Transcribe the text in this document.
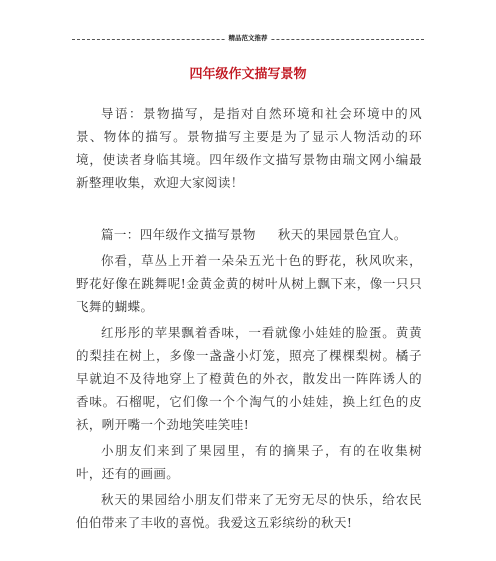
精品范文推荐
四年级作文描写景物

导语：景物描写，是指对自然环境和社会环境中的风景、物体的描写。景物描写主要是为了显示人物活动的环境，使读者身临其境。四年级作文描写景物由瑞文网小编最新整理收集，欢迎大家阅读！

篇一：四年级作文描写景物 秋天的果园景色宜人。

你看，草丛上开着一朵朵五光十色的野花，秋风吹来，野花好像在跳舞呢!金黄金黄的树叶从树上飘下来，像一只只飞舞的蝴蝶。

红彤彤的苹果飘着香味，一看就像小娃娃的脸蛋。黄黄的梨挂在树上，多像一盏盏小灯笼，照亮了棵棵梨树。橘子早就迫不及待地穿上了橙黄色的外衣，散发出一阵阵诱人的香味。石榴呢，它们像一个个淘气的小娃娃，换上红色的皮袄，咧开嘴一个劲地笑哇笑哇!

小朋友们来到了果园里，有的摘果子，有的在收集树叶，还有的画画。

秋天的果园给小朋友们带来了无穷无尽的快乐，给农民伯伯带来了丰收的喜悦。我爱这五彩缤纷的秋天!
